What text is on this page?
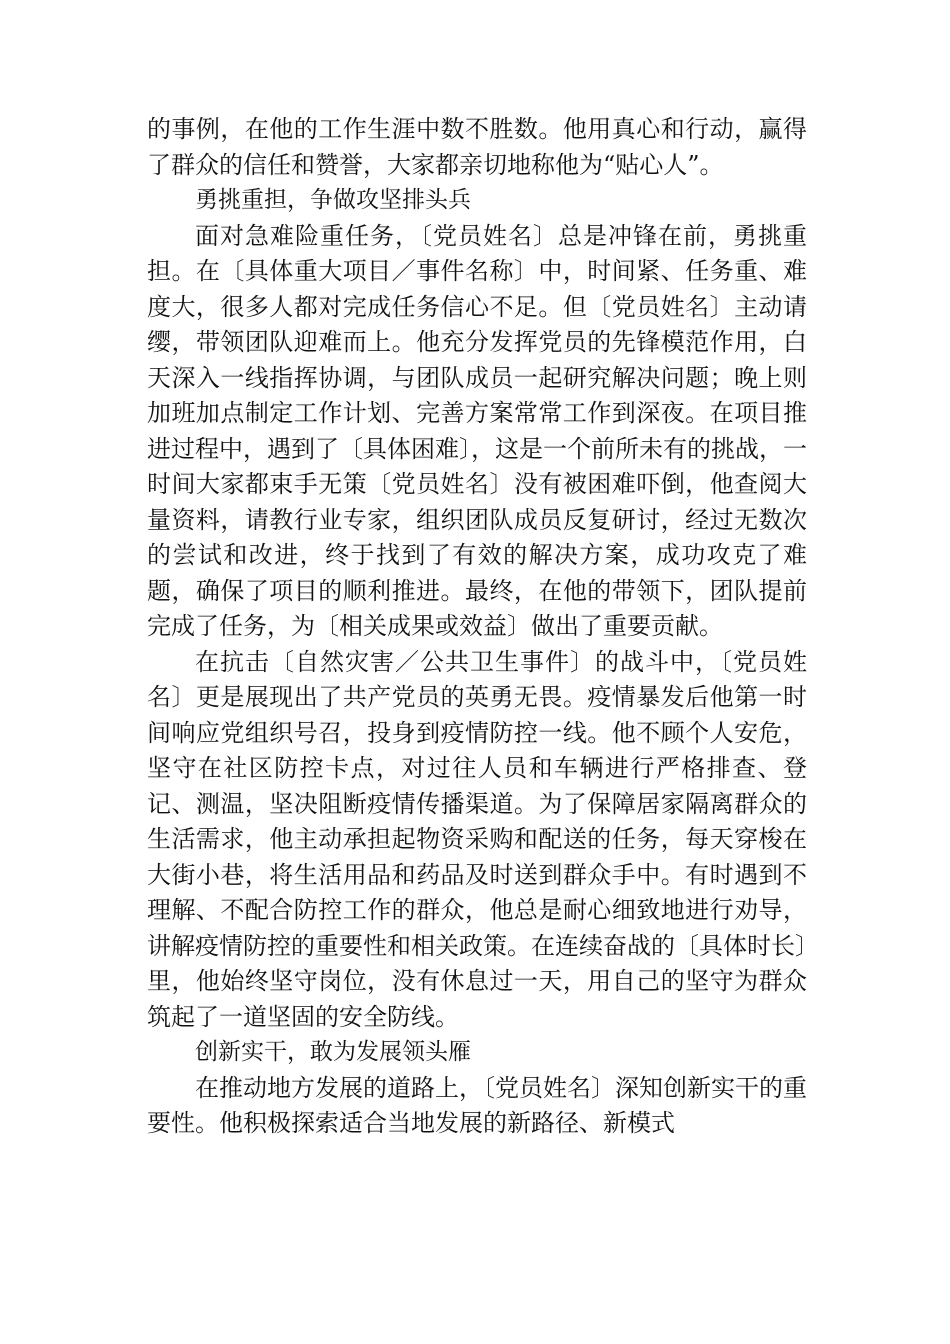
的事例，在他的工作生涯中数不胜数。他用真心和行动，赢得了群众的信任和赞誉，大家都亲切地称他为“贴心人”。

勇挑重担，争做攻坚排头兵

面对急难险重任务，〔党员姓名〕总是冲锋在前，勇挑重担。在〔具体重大项目／事件名称〕中，时间紧、任务重、难度大，很多人都对完成任务信心不足。但〔党员姓名〕主动请缨，带领团队迎难而上。他充分发挥党员的先锋模范作用，白天深入一线指挥协调，与团队成员一起研究解决问题；晚上则加班加点制定工作计划、完善方案常常工作到深夜。在项目推进过程中，遇到了〔具体困难〕，这是一个前所未有的挑战，一时间大家都束手无策〔党员姓名〕没有被困难吓倒，他查阅大量资料，请教行业专家，组织团队成员反复研讨，经过无数次的尝试和改进，终于找到了有效的解决方案，成功攻克了难题，确保了项目的顺利推进。最终，在他的带领下，团队提前完成了任务，为〔相关成果或效益〕做出了重要贡献。

在抗击〔自然灾害／公共卫生事件〕的战斗中，〔党员姓名〕更是展现出了共产党员的英勇无畏。疫情暴发后他第一时间响应党组织号召，投身到疫情防控一线。他不顾个人安危，坚守在社区防控卡点，对过往人员和车辆进行严格排查、登记、测温，坚决阻断疫情传播渠道。为了保障居家隔离群众的生活需求，他主动承担起物资采购和配送的任务，每天穿梭在大街小巷，将生活用品和药品及时送到群众手中。有时遇到不理解、不配合防控工作的群众，他总是耐心细致地进行劝导，讲解疫情防控的重要性和相关政策。在连续奋战的〔具体时长〕里，他始终坚守岗位，没有休息过一天，用自己的坚守为群众筑起了一道坚固的安全防线。

创新实干，敢为发展领头雁

在推动地方发展的道路上，〔党员姓名〕深知创新实干的重要性。他积极探索适合当地发展的新路径、新模式
